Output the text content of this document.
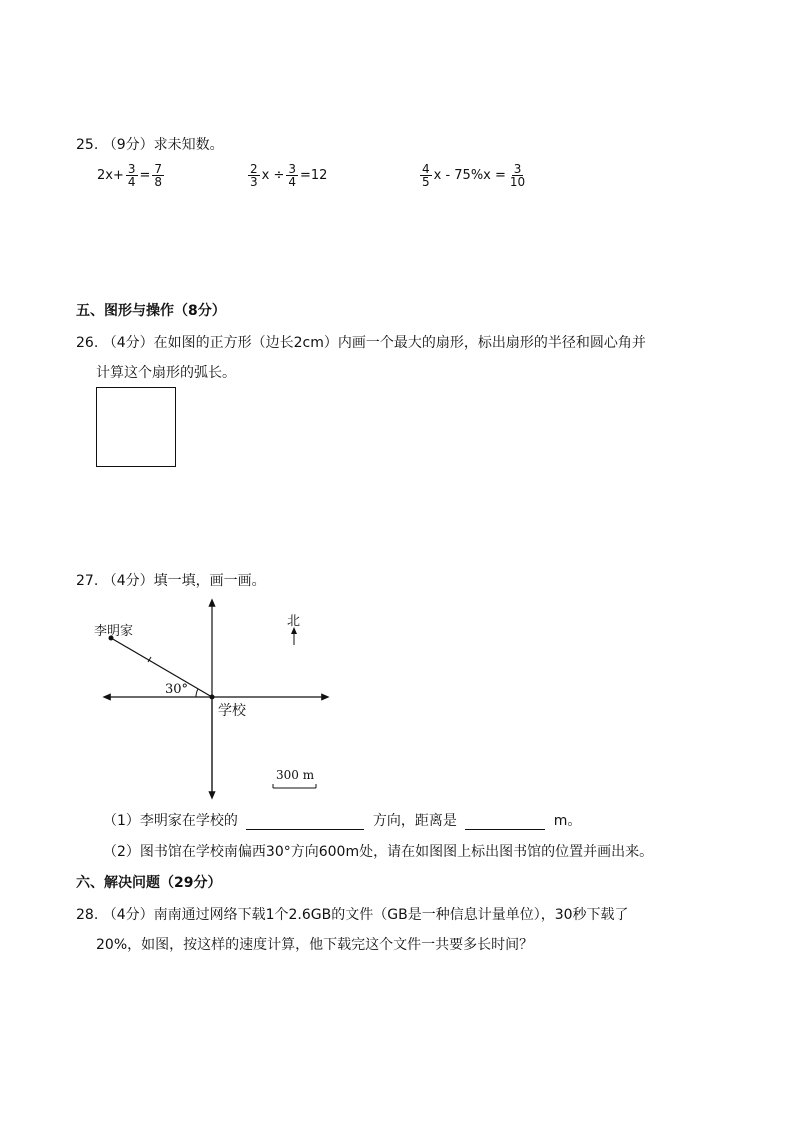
25. （9分）求未知数。
$2x+ \frac{3}{4} = \frac{7}{8}$	$\frac{2}{3}$ $x \div \frac{3}{4} =12$	$\frac{4}{5}$ $x - 75\%x = \frac{3}{10}$
五、图形与操作（8分）
26. （4分）在如图的正方形（边长2cm）内画一个最大的扇形，标出扇形的半径和圆心角并
计算这个扇形的弧长。
27. （4分）填一填，画一画。
李明家
北
30°
学校
300 m
（1）李明家在学校的	方向，距离是	m。
（2）图书馆在学校南偏西30°方向600m处，请在如图图上标出图书馆的位置并画出来。
六、解决问题（29分）
28. （4分）南南通过网络下载1个2.6GB的文件（GB是一种信息计量单位），30秒下载了
20%，如图，按这样的速度计算，他下载完这个文件一共要多长时间？
